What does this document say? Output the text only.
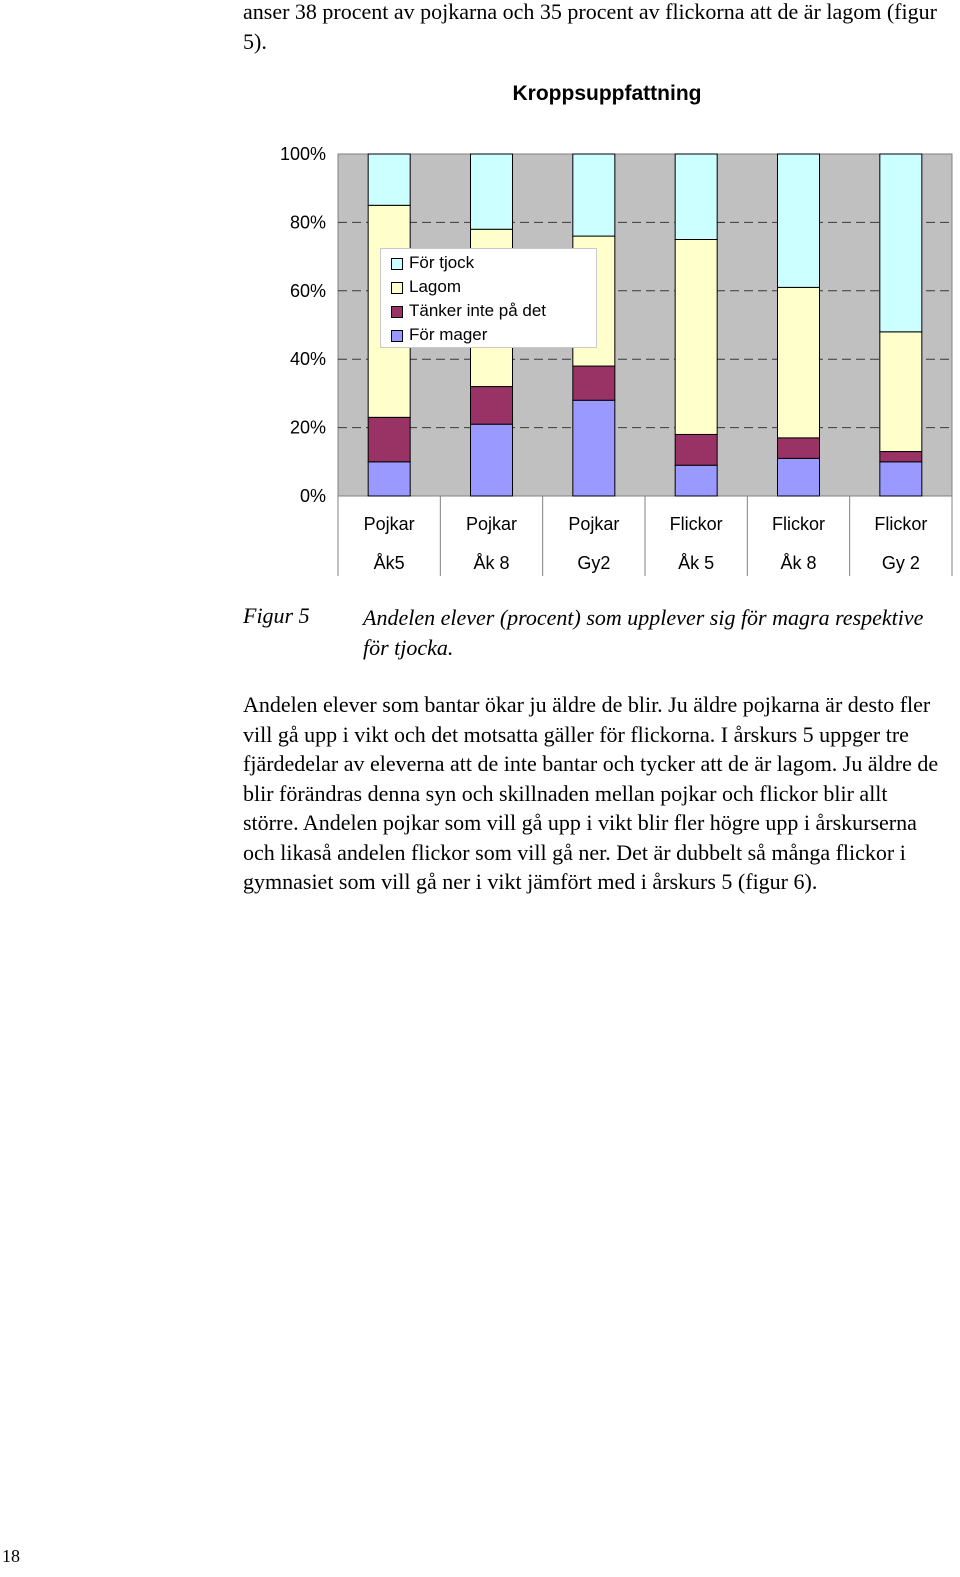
anser 38 procent av pojkarna och 35 procent av flickorna att de är lagom (figur 5).

Kroppsuppfattning
100%
80%
60%
40%
20%
0%
Pojkar
Åk5
Pojkar
Åk 8
Pojkar
Gy2
Flickor
Åk 5
Flickor
Åk 8
Flickor
Gy 2
För tjock
Lagom
Tänker inte på det
För mager
Figur 5 Andelen elever (procent) som upplever sig för magra respektive för tjocka.

Andelen elever som bantar ökar ju äldre de blir. Ju äldre pojkarna är desto fler vill gå upp i vikt och det motsatta gäller för flickorna. I årskurs 5 uppger tre fjärdedelar av eleverna att de inte bantar och tycker att de är lagom. Ju äldre de blir förändras denna syn och skillnaden mellan pojkar och flickor blir allt större. Andelen pojkar som vill gå upp i vikt blir fler högre upp i årskurserna och likaså andelen flickor som vill gå ner. Det är dubbelt så många flickor i gymnasiet som vill gå ner i vikt jämfört med i årskurs 5 (figur 6).

18
